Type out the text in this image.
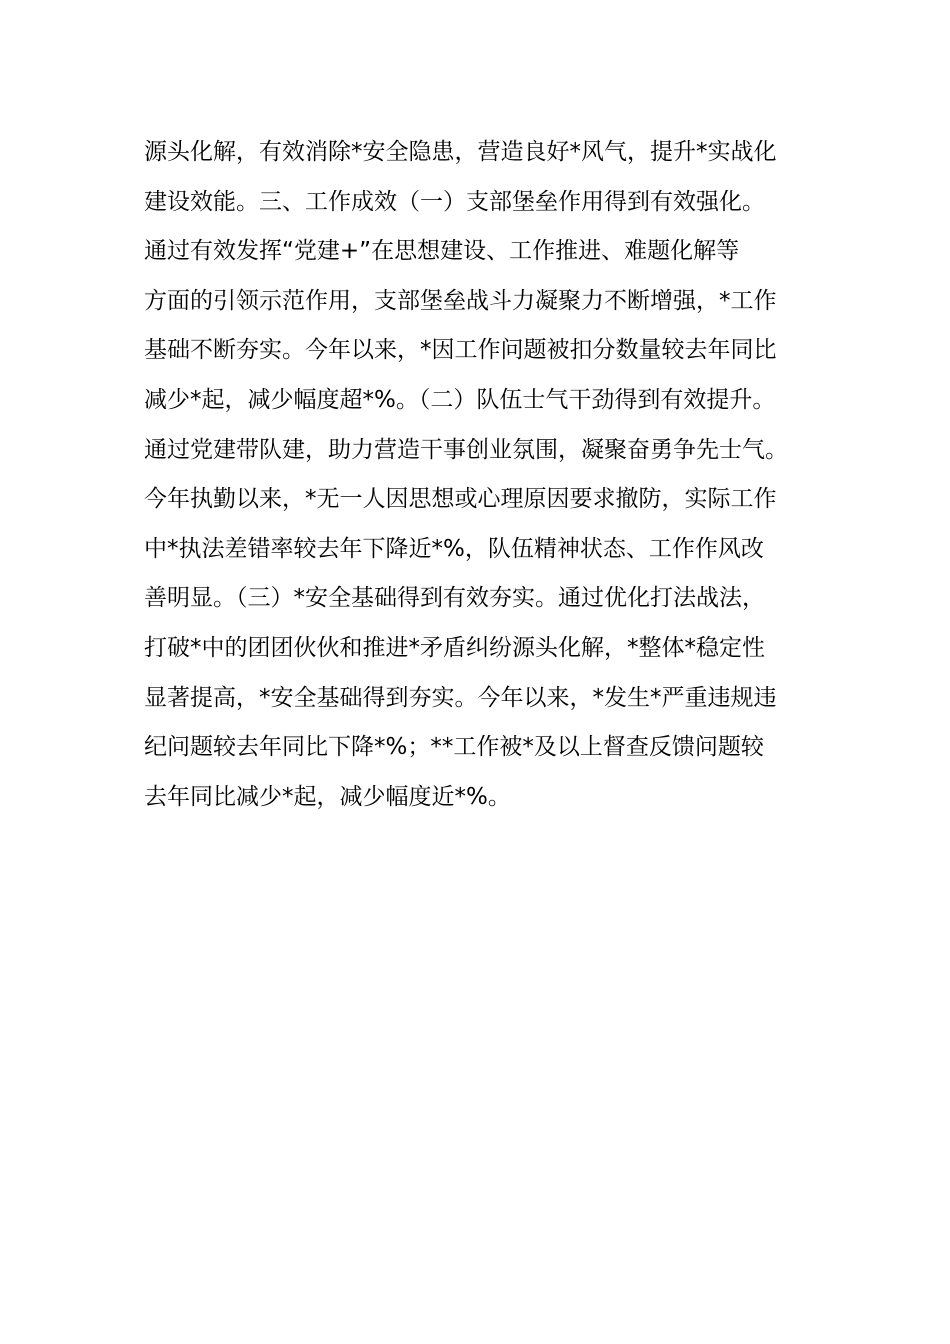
源头化解，有效消除*安全隐患，营造良好*风气，提升*实战化
建设效能。三、工作成效（一）支部堡垒作用得到有效强化。
通过有效发挥“党建+”在思想建设、工作推进、难题化解等
方面的引领示范作用，支部堡垒战斗力凝聚力不断增强，*工作
基础不断夯实。今年以来，*因工作问题被扣分数量较去年同比
减少*起，减少幅度超*%。（二）队伍士气干劲得到有效提升。
通过党建带队建，助力营造干事创业氛围，凝聚奋勇争先士气。
今年执勤以来，*无一人因思想或心理原因要求撤防，实际工作
中*执法差错率较去年下降近*%，队伍精神状态、工作作风改
善明显。（三）*安全基础得到有效夯实。通过优化打法战法，
打破*中的团团伙伙和推进*矛盾纠纷源头化解，*整体*稳定性
显著提高，*安全基础得到夯实。今年以来，*发生*严重违规违
纪问题较去年同比下降*%；**工作被*及以上督查反馈问题较
去年同比减少*起，减少幅度近*%。
